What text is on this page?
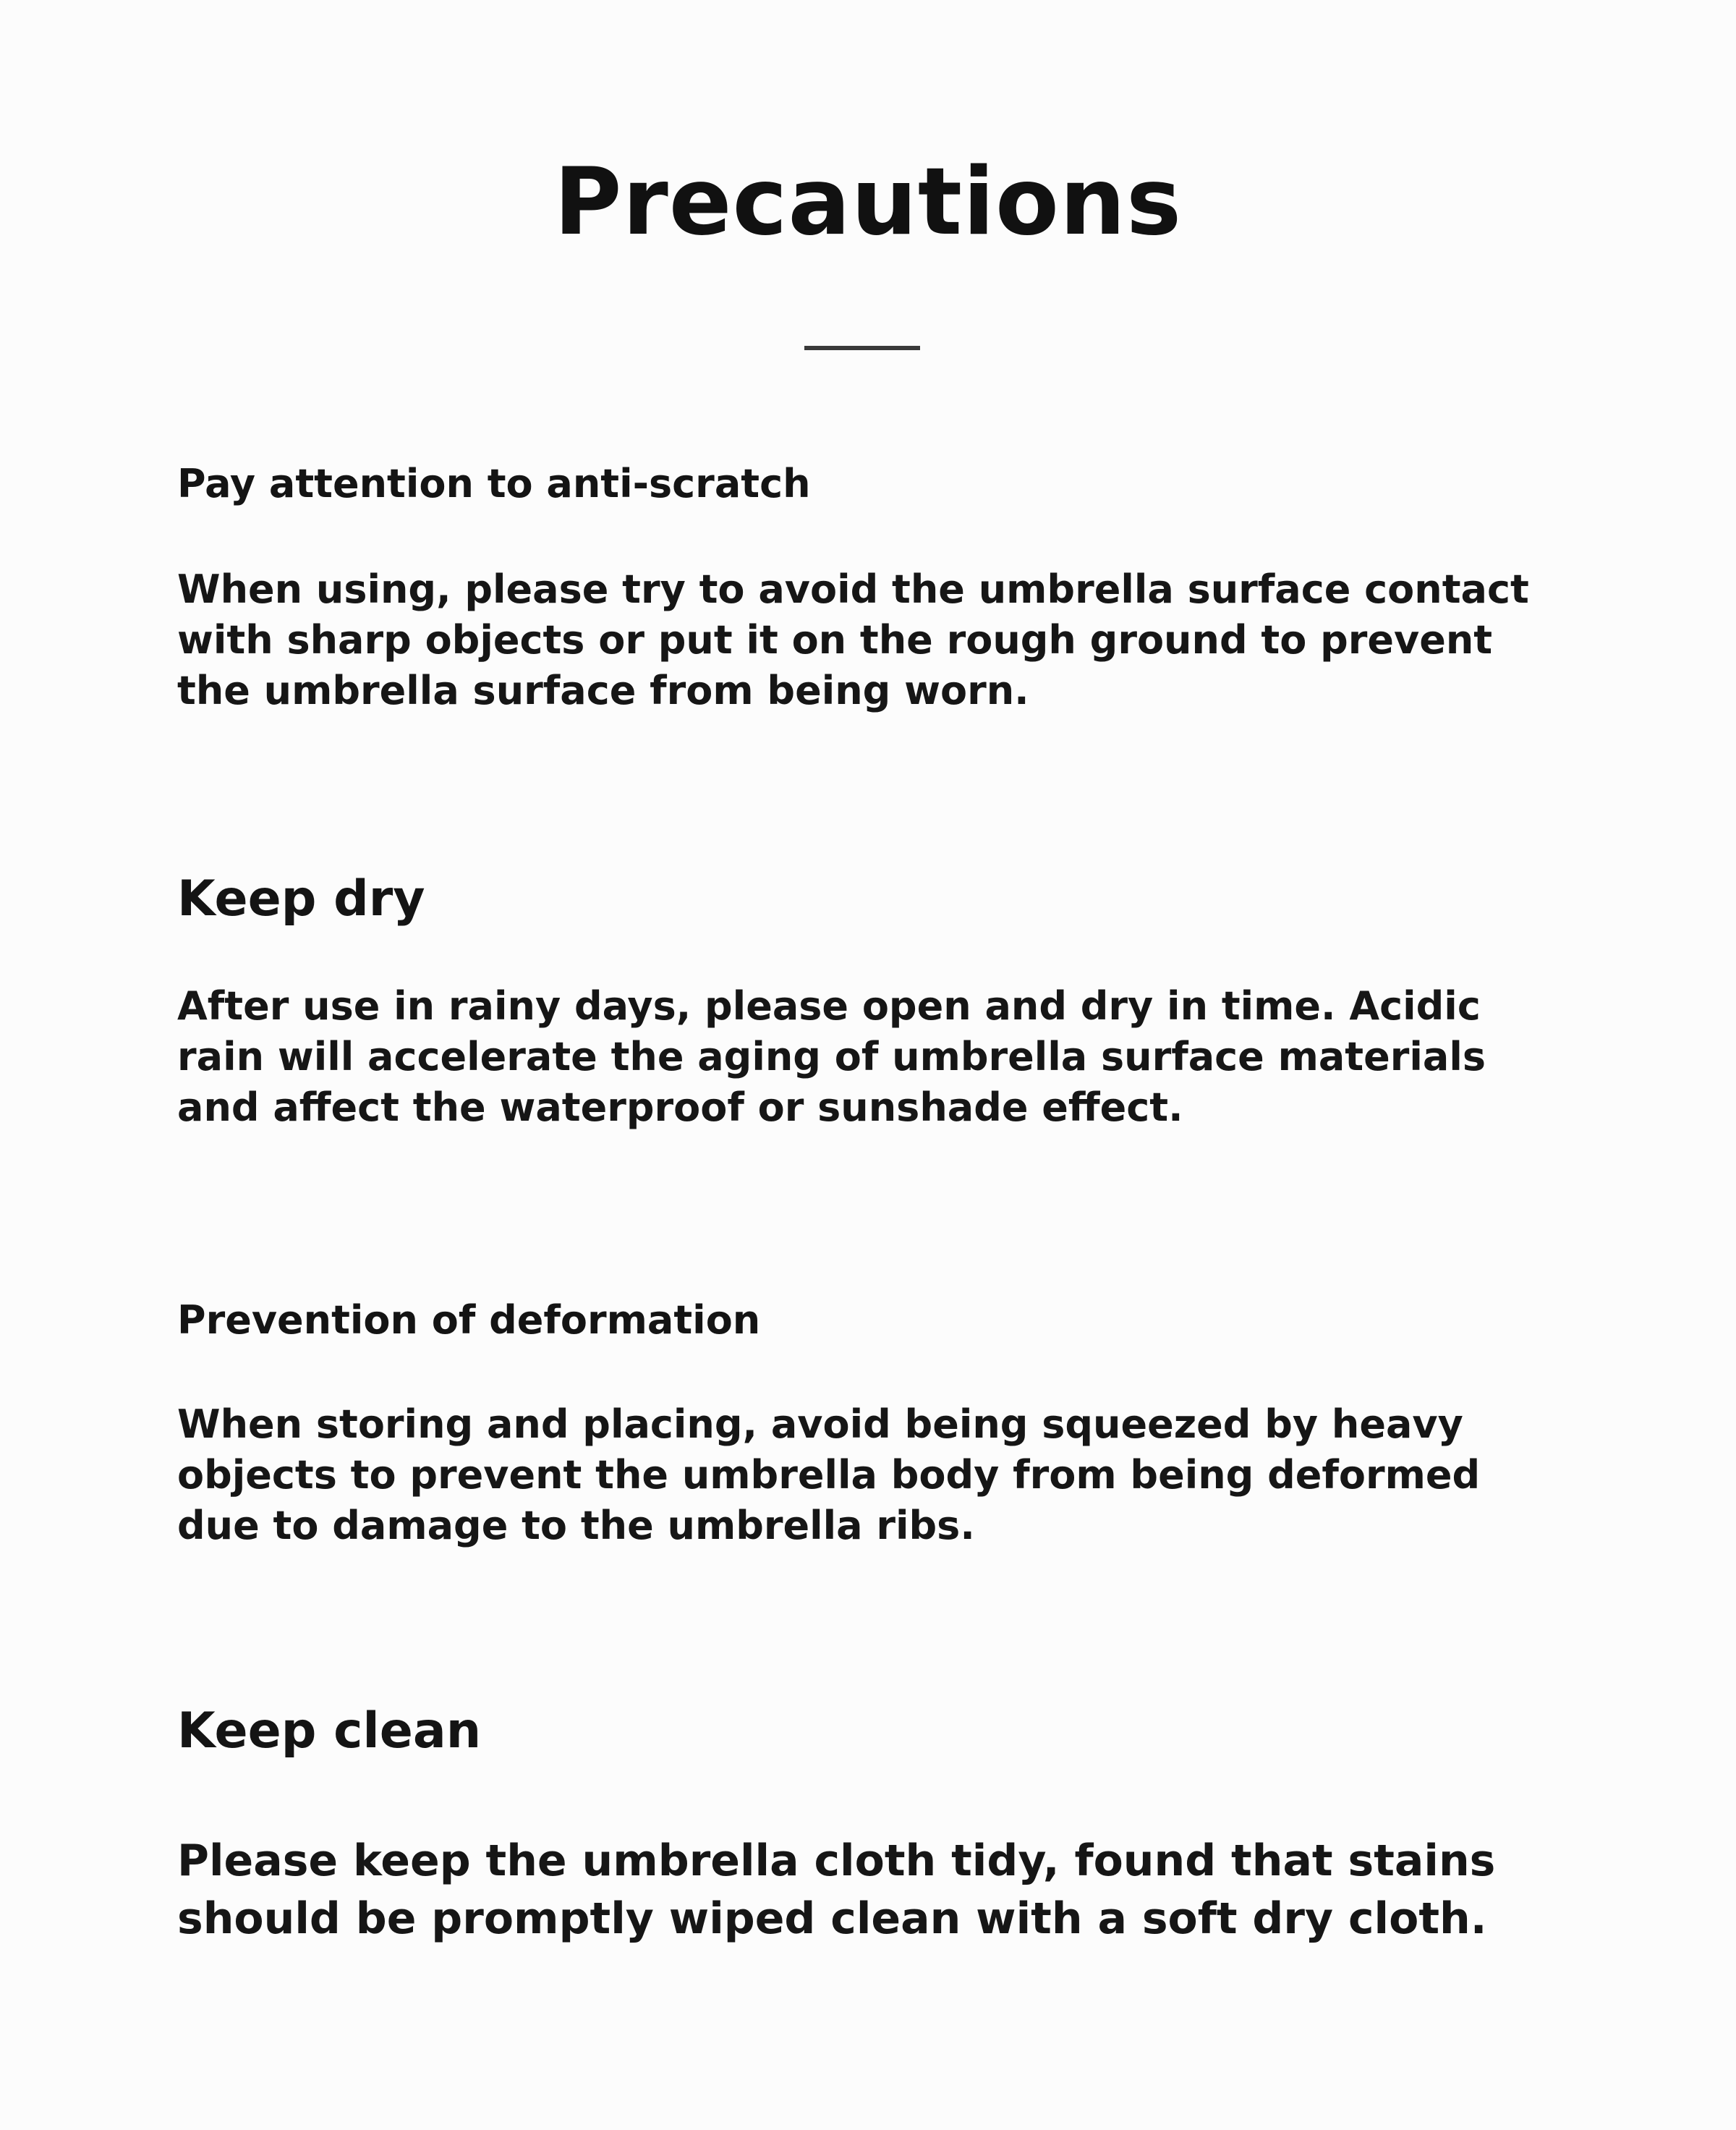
Precautions
Pay attention to anti-scratch

When using, please try to avoid the umbrella surface contact with sharp objects or put it on the rough ground to prevent the umbrella surface from being worn.

Keep dry

After use in rainy days, please open and dry in time. Acidic rain will accelerate the aging of umbrella surface materials and affect the waterproof or sunshade effect.

Prevention of deformation

When storing and placing, avoid being squeezed by heavy objects to prevent the umbrella body from being deformed due to damage to the umbrella ribs.

Keep clean

Please keep the umbrella cloth tidy, found that stains should be promptly wiped clean with a soft dry cloth.
